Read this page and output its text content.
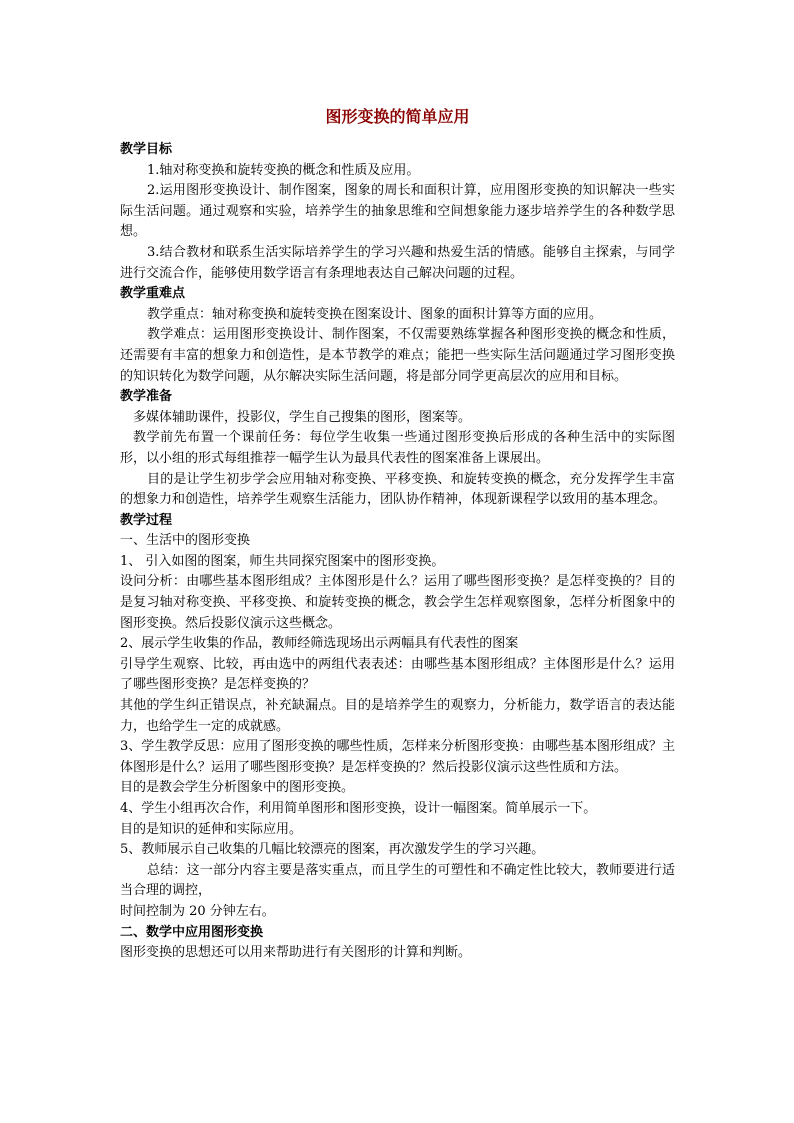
图形变换的简单应用
教学目标
1.轴对称变换和旋转变换的概念和性质及应用。
2.运用图形变换设计、制作图案，图象的周长和面积计算，应用图形变换的知识解决一些实际生活问题。通过观察和实验，培养学生的抽象思维和空间想象能力逐步培养学生的各种数学思想。
3.结合教材和联系生活实际培养学生的学习兴趣和热爱生活的情感。能够自主探索，与同学进行交流合作，能够使用数学语言有条理地表达自己解决问题的过程。
教学重难点
教学重点：轴对称变换和旋转变换在图案设计、图象的面积计算等方面的应用。
教学难点：运用图形变换设计、制作图案，不仅需要熟练掌握各种图形变换的概念和性质，还需要有丰富的想象力和创造性，是本节教学的难点；能把一些实际生活问题通过学习图形变换的知识转化为数学问题，从尔解决实际生活问题，将是部分同学更高层次的应用和目标。
教学准备
多媒体辅助课件，投影仪，学生自己搜集的图形，图案等。
教学前先布置一个课前任务：每位学生收集一些通过图形变换后形成的各种生活中的实际图形，以小组的形式每组推荐一幅学生认为最具代表性的图案准备上课展出。
目的是让学生初步学会应用轴对称变换、平移变换、和旋转变换的概念，充分发挥学生丰富的想象力和创造性，培养学生观察生活能力，团队协作精神，体现新课程学以致用的基本理念。
教学过程
一、生活中的图形变换
1、 引入如图的图案，师生共同探究图案中的图形变换。
设问分析：由哪些基本图形组成？主体图形是什么？运用了哪些图形变换？是怎样变换的？目的是复习轴对称变换、平移变换、和旋转变换的概念，教会学生怎样观察图象，怎样分析图象中的图形变换。然后投影仪演示这些概念。
2、展示学生收集的作品，教师经筛选现场出示两幅具有代表性的图案
引导学生观察、比较，再由选中的两组代表表述：由哪些基本图形组成？主体图形是什么？运用了哪些图形变换？是怎样变换的？
其他的学生纠正错误点，补充缺漏点。目的是培养学生的观察力，分析能力，数学语言的表达能力，也给学生一定的成就感。
3、学生教学反思：应用了图形变换的哪些性质，怎样来分析图形变换：由哪些基本图形组成？主体图形是什么？运用了哪些图形变换？是怎样变换的？然后投影仪演示这些性质和方法。
目的是教会学生分析图象中的图形变换。
4、学生小组再次合作，利用简单图形和图形变换，设计一幅图案。简单展示一下。
目的是知识的延伸和实际应用。
5、教师展示自己收集的几幅比较漂亮的图案，再次激发学生的学习兴趣。
总结：这一部分内容主要是落实重点，而且学生的可塑性和不确定性比较大，教师要进行适当合理的调控，
时间控制为 20 分钟左右。
二、数学中应用图形变换
图形变换的思想还可以用来帮助进行有关图形的计算和判断。
